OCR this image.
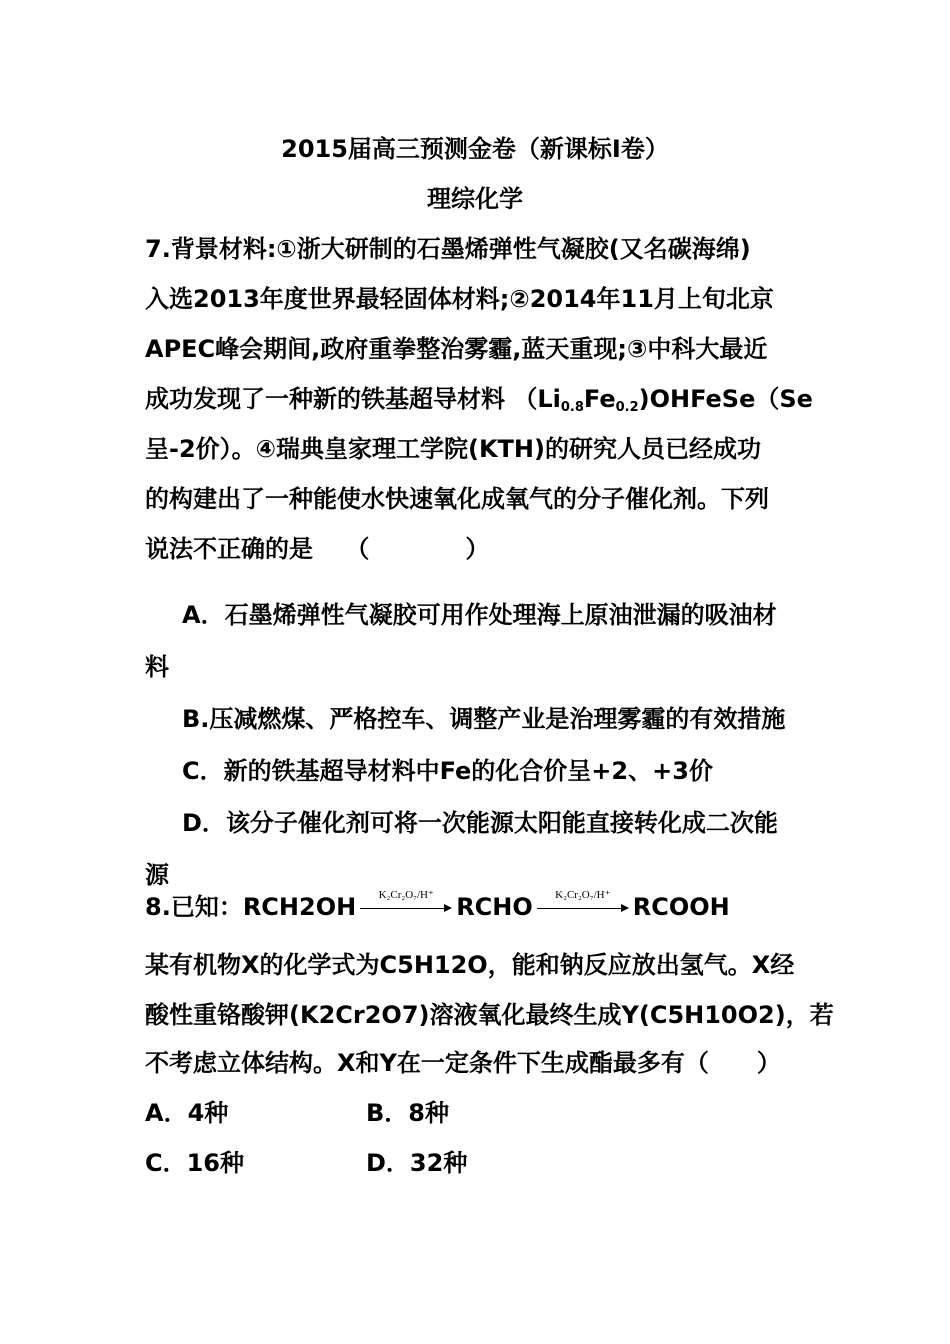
2015届高三预测金卷（新课标Ⅰ卷）
理综化学
7.背景材料:①浙大研制的石墨烯弹性气凝胶(又名碳海绵)
入选2013年度世界最轻固体材料;②2014年11月上旬北京
APEC峰会期间,政府重拳整治雾霾,蓝天重现;③中科大最近
成功发现了一种新的铁基超导材料 $(Li_{0.8}Fe_{0.2})OHFeSe(Se$
呈-2价）。④瑞典皇家理工学院(KTH)的研究人员已经成功
的构建出了一种能使水快速氧化成氧气的分子催化剂。下列
说法不正确的是　 （　　　　）
A．石墨烯弹性气凝胶可用作处理海上原油泄漏的吸油材
料
B.压减燃煤、严格控车、调整产业是治理雾霾的有效措施
C．新的铁基超导材料中Fe的化合价呈+2、+3价
D．该分子催化剂可将一次能源太阳能直接转化成二次能
源
8.已知：RCH2OH	K₂Cr₂O₇/H⁺ RCHO	K₂Cr₂O₇/H⁺ RCOOH
某有机物X的化学式为C5H12O，能和钠反应放出氢气。X经
酸性重铬酸钾(K2Cr2O7)溶液氧化最终生成Y(C5H10O2)，若
不考虑立体结构。X和Y在一定条件下生成酯最多有（　　）
A．4种	B．8种
C．16种	D．32种
